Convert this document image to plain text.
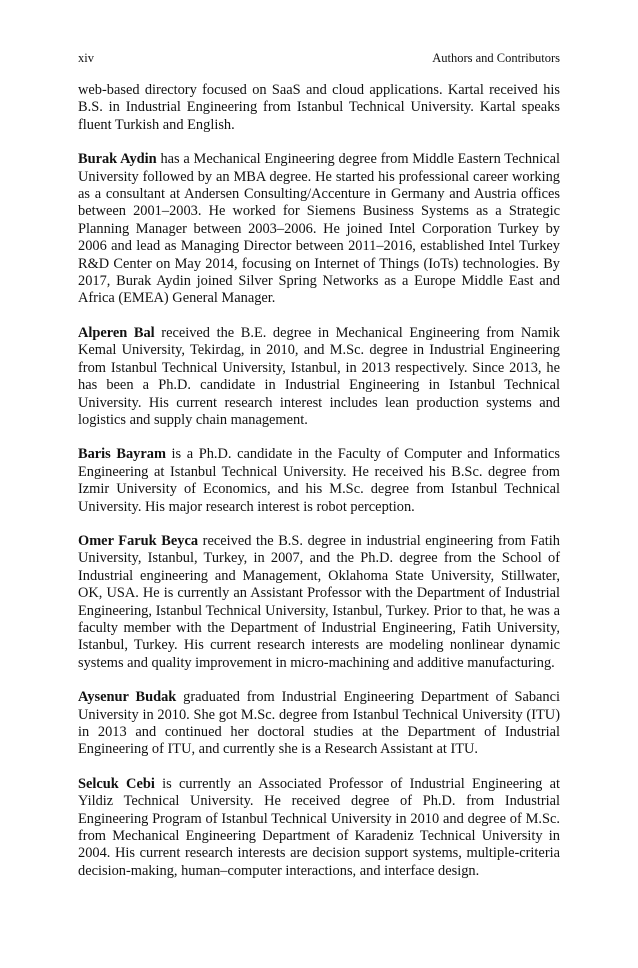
xiv	Authors and Contributors

web-based directory focused on SaaS and cloud applications. Kartal received his B.S. in Industrial Engineering from Istanbul Technical University. Kartal speaks fluent Turkish and English.

Burak Aydin has a Mechanical Engineering degree from Middle Eastern Technical University followed by an MBA degree. He started his professional career working as a consultant at Andersen Consulting/Accenture in Germany and Austria offices between 2001–2003. He worked for Siemens Business Systems as a Strategic Planning Manager between 2003–2006. He joined Intel Corporation Turkey by 2006 and lead as Managing Director between 2011–2016, established Intel Turkey R&D Center on May 2014, focusing on Internet of Things (IoTs) technologies. By 2017, Burak Aydin joined Silver Spring Networks as a Europe Middle East and Africa (EMEA) General Manager.

Alperen Bal received the B.E. degree in Mechanical Engineering from Namik Kemal University, Tekirdag, in 2010, and M.Sc. degree in Industrial Engineering from Istanbul Technical University, Istanbul, in 2013 respectively. Since 2013, he has been a Ph.D. candidate in Industrial Engineering in Istanbul Technical University. His current research interest includes lean production systems and logistics and supply chain management.

Baris Bayram is a Ph.D. candidate in the Faculty of Computer and Informatics Engineering at Istanbul Technical University. He received his B.Sc. degree from Izmir University of Economics, and his M.Sc. degree from Istanbul Technical University. His major research interest is robot perception.

Omer Faruk Beyca received the B.S. degree in industrial engineering from Fatih University, Istanbul, Turkey, in 2007, and the Ph.D. degree from the School of Industrial engineering and Management, Oklahoma State University, Stillwater, OK, USA. He is currently an Assistant Professor with the Department of Industrial Engineering, Istanbul Technical University, Istanbul, Turkey. Prior to that, he was a faculty member with the Department of Industrial Engineering, Fatih University, Istanbul, Turkey. His current research interests are modeling nonlinear dynamic systems and quality improvement in micro-machining and additive manufacturing.

Aysenur Budak graduated from Industrial Engineering Department of Sabanci University in 2010. She got M.Sc. degree from Istanbul Technical University (ITU) in 2013 and continued her doctoral studies at the Department of Industrial Engineering of ITU, and currently she is a Research Assistant at ITU.

Selcuk Cebi is currently an Associated Professor of Industrial Engineering at Yildiz Technical University. He received degree of Ph.D. from Industrial Engineering Program of Istanbul Technical University in 2010 and degree of M.Sc. from Mechanical Engineering Department of Karadeniz Technical University in 2004. His current research interests are decision support systems, multiple-criteria decision-making, human–computer interactions, and interface design.
